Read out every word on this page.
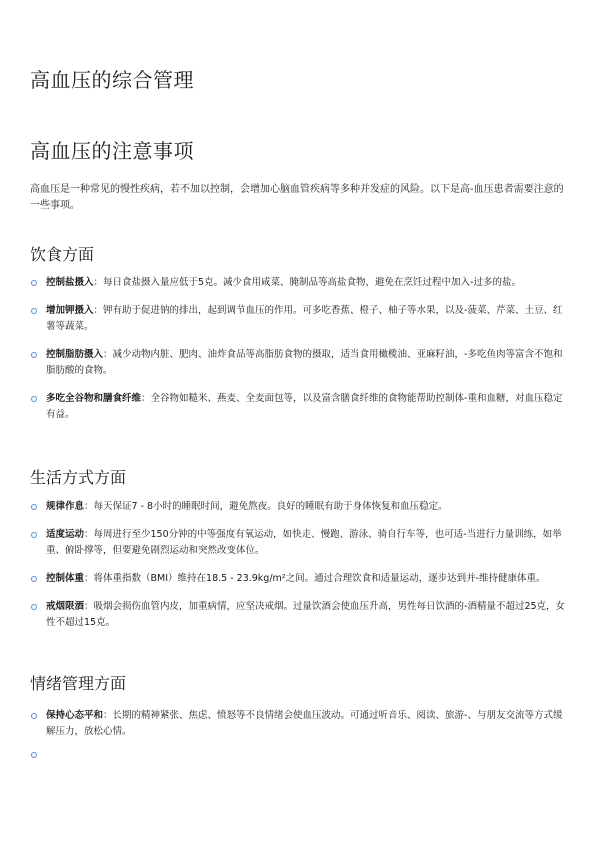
高血压的综合管理
高血压的注意事项

高血压是一种常见的慢性疾病，若不加以控制，会增加心脑血管疾病等多种并发症的风险。以下是高-血压患者需要注意的一些事项。

饮食方面
控制盐摄入：每日食盐摄入量应低于5克。减少食用咸菜、腌制品等高盐食物，避免在烹饪过程中加入-过多的盐。
增加钾摄入：钾有助于促进钠的排出，起到调节血压的作用。可多吃香蕉、橙子、柚子等水果，以及-菠菜、芹菜、土豆、红薯等蔬菜。
控制脂肪摄入：减少动物内脏、肥肉、油炸食品等高脂肪食物的摄取，适当食用橄榄油、亚麻籽油，-多吃鱼肉等富含不饱和脂肪酸的食物。
多吃全谷物和膳食纤维：全谷物如糙米、燕麦、全麦面包等，以及富含膳食纤维的食物能帮助控制体-重和血糖，对血压稳定有益。
生活方式方面
规律作息：每天保证7 - 8小时的睡眠时间，避免熬夜。良好的睡眠有助于身体恢复和血压稳定。
适度运动：每周进行至少150分钟的中等强度有氧运动，如快走、慢跑、游泳、骑自行车等，也可适-当进行力量训练，如举重、俯卧撑等，但要避免剧烈运动和突然改变体位。
控制体重：将体重指数（BMI）维持在18.5 - 23.9kg/m²之间。通过合理饮食和适量运动，逐步达到并-维持健康体重。
戒烟限酒：吸烟会损伤血管内皮，加重病情，应坚决戒烟。过量饮酒会使血压升高，男性每日饮酒的-酒精量不超过25克，女性不超过15克。
情绪管理方面
保持心态平和：长期的精神紧张、焦虑、愤怒等不良情绪会使血压波动。可通过听音乐、阅读、旅游-、与朋友交流等方式缓解压力，放松心情。
